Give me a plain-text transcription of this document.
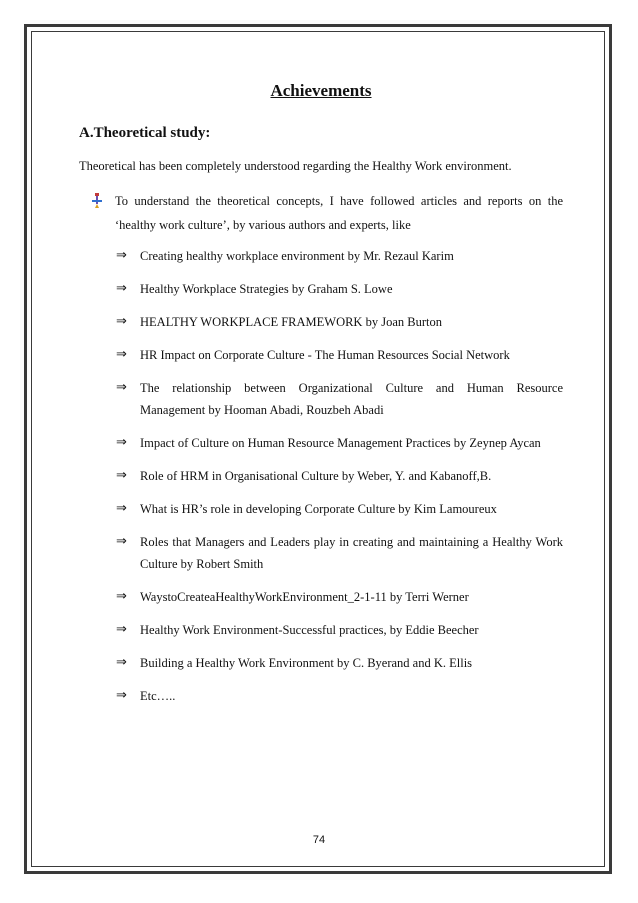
Achievements
A.Theoretical study:

Theoretical has been completely understood regarding the Healthy Work environment.

To understand the theoretical concepts, I have followed articles and reports on the ‘healthy work culture’, by various authors and experts, like
⇒ Creating healthy workplace environment by Mr. Rezaul Karim
⇒ Healthy Workplace Strategies by Graham S. Lowe
⇒ HEALTHY WORKPLACE FRAMEWORK by Joan Burton
⇒ HR Impact on Corporate Culture - The Human Resources Social Network
⇒ The relationship between Organizational Culture and Human Resource Management by Hooman Abadi, Rouzbeh Abadi
⇒ Impact of Culture on Human Resource Management Practices by Zeynep Aycan
⇒ Role of HRM in Organisational Culture by Weber, Y. and Kabanoff,B.
⇒ What is HR’s role in developing Corporate Culture by Kim Lamoureux
⇒ Roles that Managers and Leaders play in creating and maintaining a Healthy Work Culture by Robert Smith
⇒ WaystoCreateaHealthyWorkEnvironment_2-1-11 by Terri Werner
⇒ Healthy Work Environment-Successful practices, by Eddie Beecher
⇒ Building a Healthy Work Environment by C. Byerand and K. Ellis
⇒ Etc…..
74
